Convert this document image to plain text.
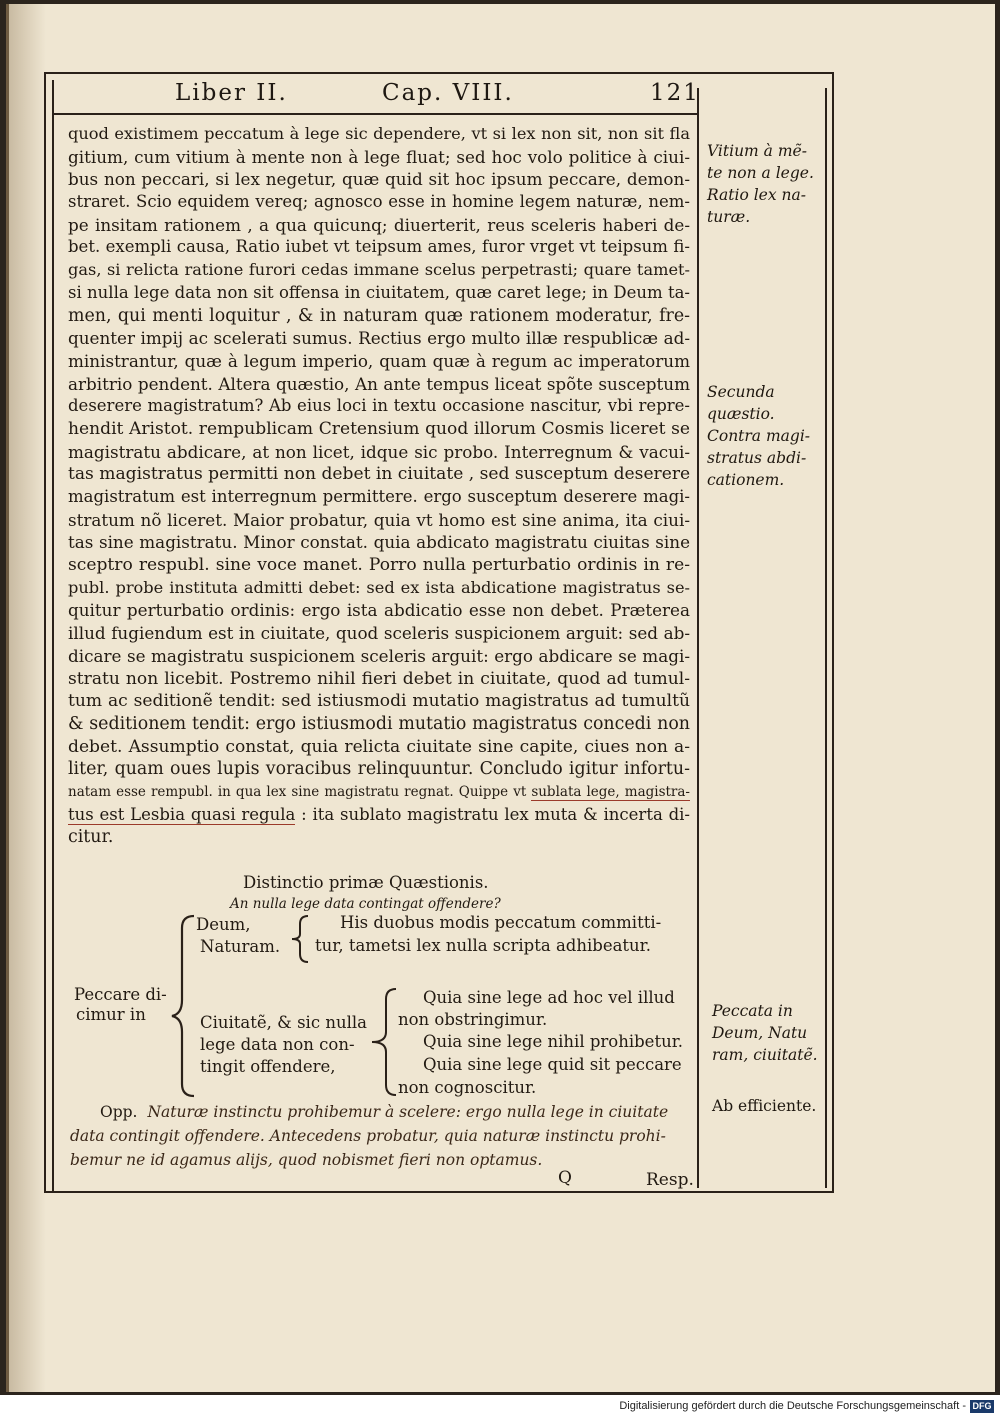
Liber II.	Cap. VIII.	121
quod existimem peccatum à lege sic dependere, vt si lex non sit, non sit fla
gitium, cum vitium à mente non à lege fluat; sed hoc volo politice à ciui-
bus non peccari, si lex negetur, quæ quid sit hoc ipsum peccare, demon-
straret. Scio equidem vereq; agnosco esse in homine legem naturæ, nem-
pe insitam rationem , a qua quicunq; diuerterit, reus sceleris haberi de-
bet. exempli causa, Ratio iubet vt teipsum ames, furor vrget vt teipsum fi-
gas, si relicta ratione furori cedas immane scelus perpetrasti; quare tamet-
si nulla lege data non sit offensa in ciuitatem, quæ caret lege; in Deum ta-
men, qui menti loquitur , & in naturam quæ rationem moderatur, fre-
quenter impij ac scelerati sumus. Rectius ergo multo illæ respublicæ ad-
ministrantur, quæ à legum imperio, quam quæ à regum ac imperatorum
arbitrio pendent. Altera quæstio, An ante tempus liceat spõte susceptum
deserere magistratum? Ab eius loci in textu occasione nascitur, vbi repre-
hendit Aristot. rempublicam Cretensium quod illorum Cosmis liceret se
magistratu abdicare, at non licet, idque sic probo. Interregnum & vacui-
tas magistratus permitti non debet in ciuitate , sed susceptum deserere
magistratum est interregnum permittere. ergo susceptum deserere magi-
stratum nõ liceret. Maior probatur, quia vt homo est sine anima, ita ciui-
tas sine magistratu. Minor constat. quia abdicato magistratu ciuitas sine
sceptro respubl. sine voce manet. Porro nulla perturbatio ordinis in re-
publ. probe instituta admitti debet: sed ex ista abdicatione magistratus se-
quitur perturbatio ordinis: ergo ista abdicatio esse non debet. Præterea
illud fugiendum est in ciuitate, quod sceleris suspicionem arguit: sed ab-
dicare se magistratu suspicionem sceleris arguit: ergo abdicare se magi-
stratu non licebit. Postremo nihil fieri debet in ciuitate, quod ad tumul-
tum ac seditionẽ tendit: sed istiusmodi mutatio magistratus ad tumultũ
& seditionem tendit: ergo istiusmodi mutatio magistratus concedi non
debet. Assumptio constat, quia relicta ciuitate sine capite, ciues non a-
liter, quam oues lupis voracibus relinquuntur. Concludo igitur infortu-
natam esse rempubl. in qua lex sine magistratu regnat. Quippe vt sublata lege, magistra-
tus est Lesbia quasi regula : ita sublato magistratu lex muta & incerta di-
citur.
Vitium à mẽ-
te non a lege.
Ratio lex na-
turæ.
Secunda
quæstio.
Contra magi-
stratus abdi-
cationem.
Peccata in
Deum, Natu
ram, ciuitatẽ.
Ab efficiente.
Distinctio primæ Quæstionis.
An nulla lege data contingat offendere?
Peccare di-
cimur in
Deum,
Naturam.
His duobus modis peccatum committi-
tur, tametsi lex nulla scripta adhibeatur.
Ciuitatẽ, & sic nulla
lege data non con-
tingit offendere,
Quia sine lege ad hoc vel illud
non obstringimur.
Quia sine lege nihil prohibetur.
Quia sine lege quid sit peccare
non cognoscitur.
Opp. Naturæ instinctu prohibemur à scelere: ergo nulla lege in ciuitate
data contingit offendere. Antecedens probatur, quia naturæ instinctu prohi-
bemur ne id agamus alijs, quod nobismet fieri non optamus.
Q	Resp.
Digitalisierung gefördert durch die Deutsche Forschungsgemeinschaft - DFG
